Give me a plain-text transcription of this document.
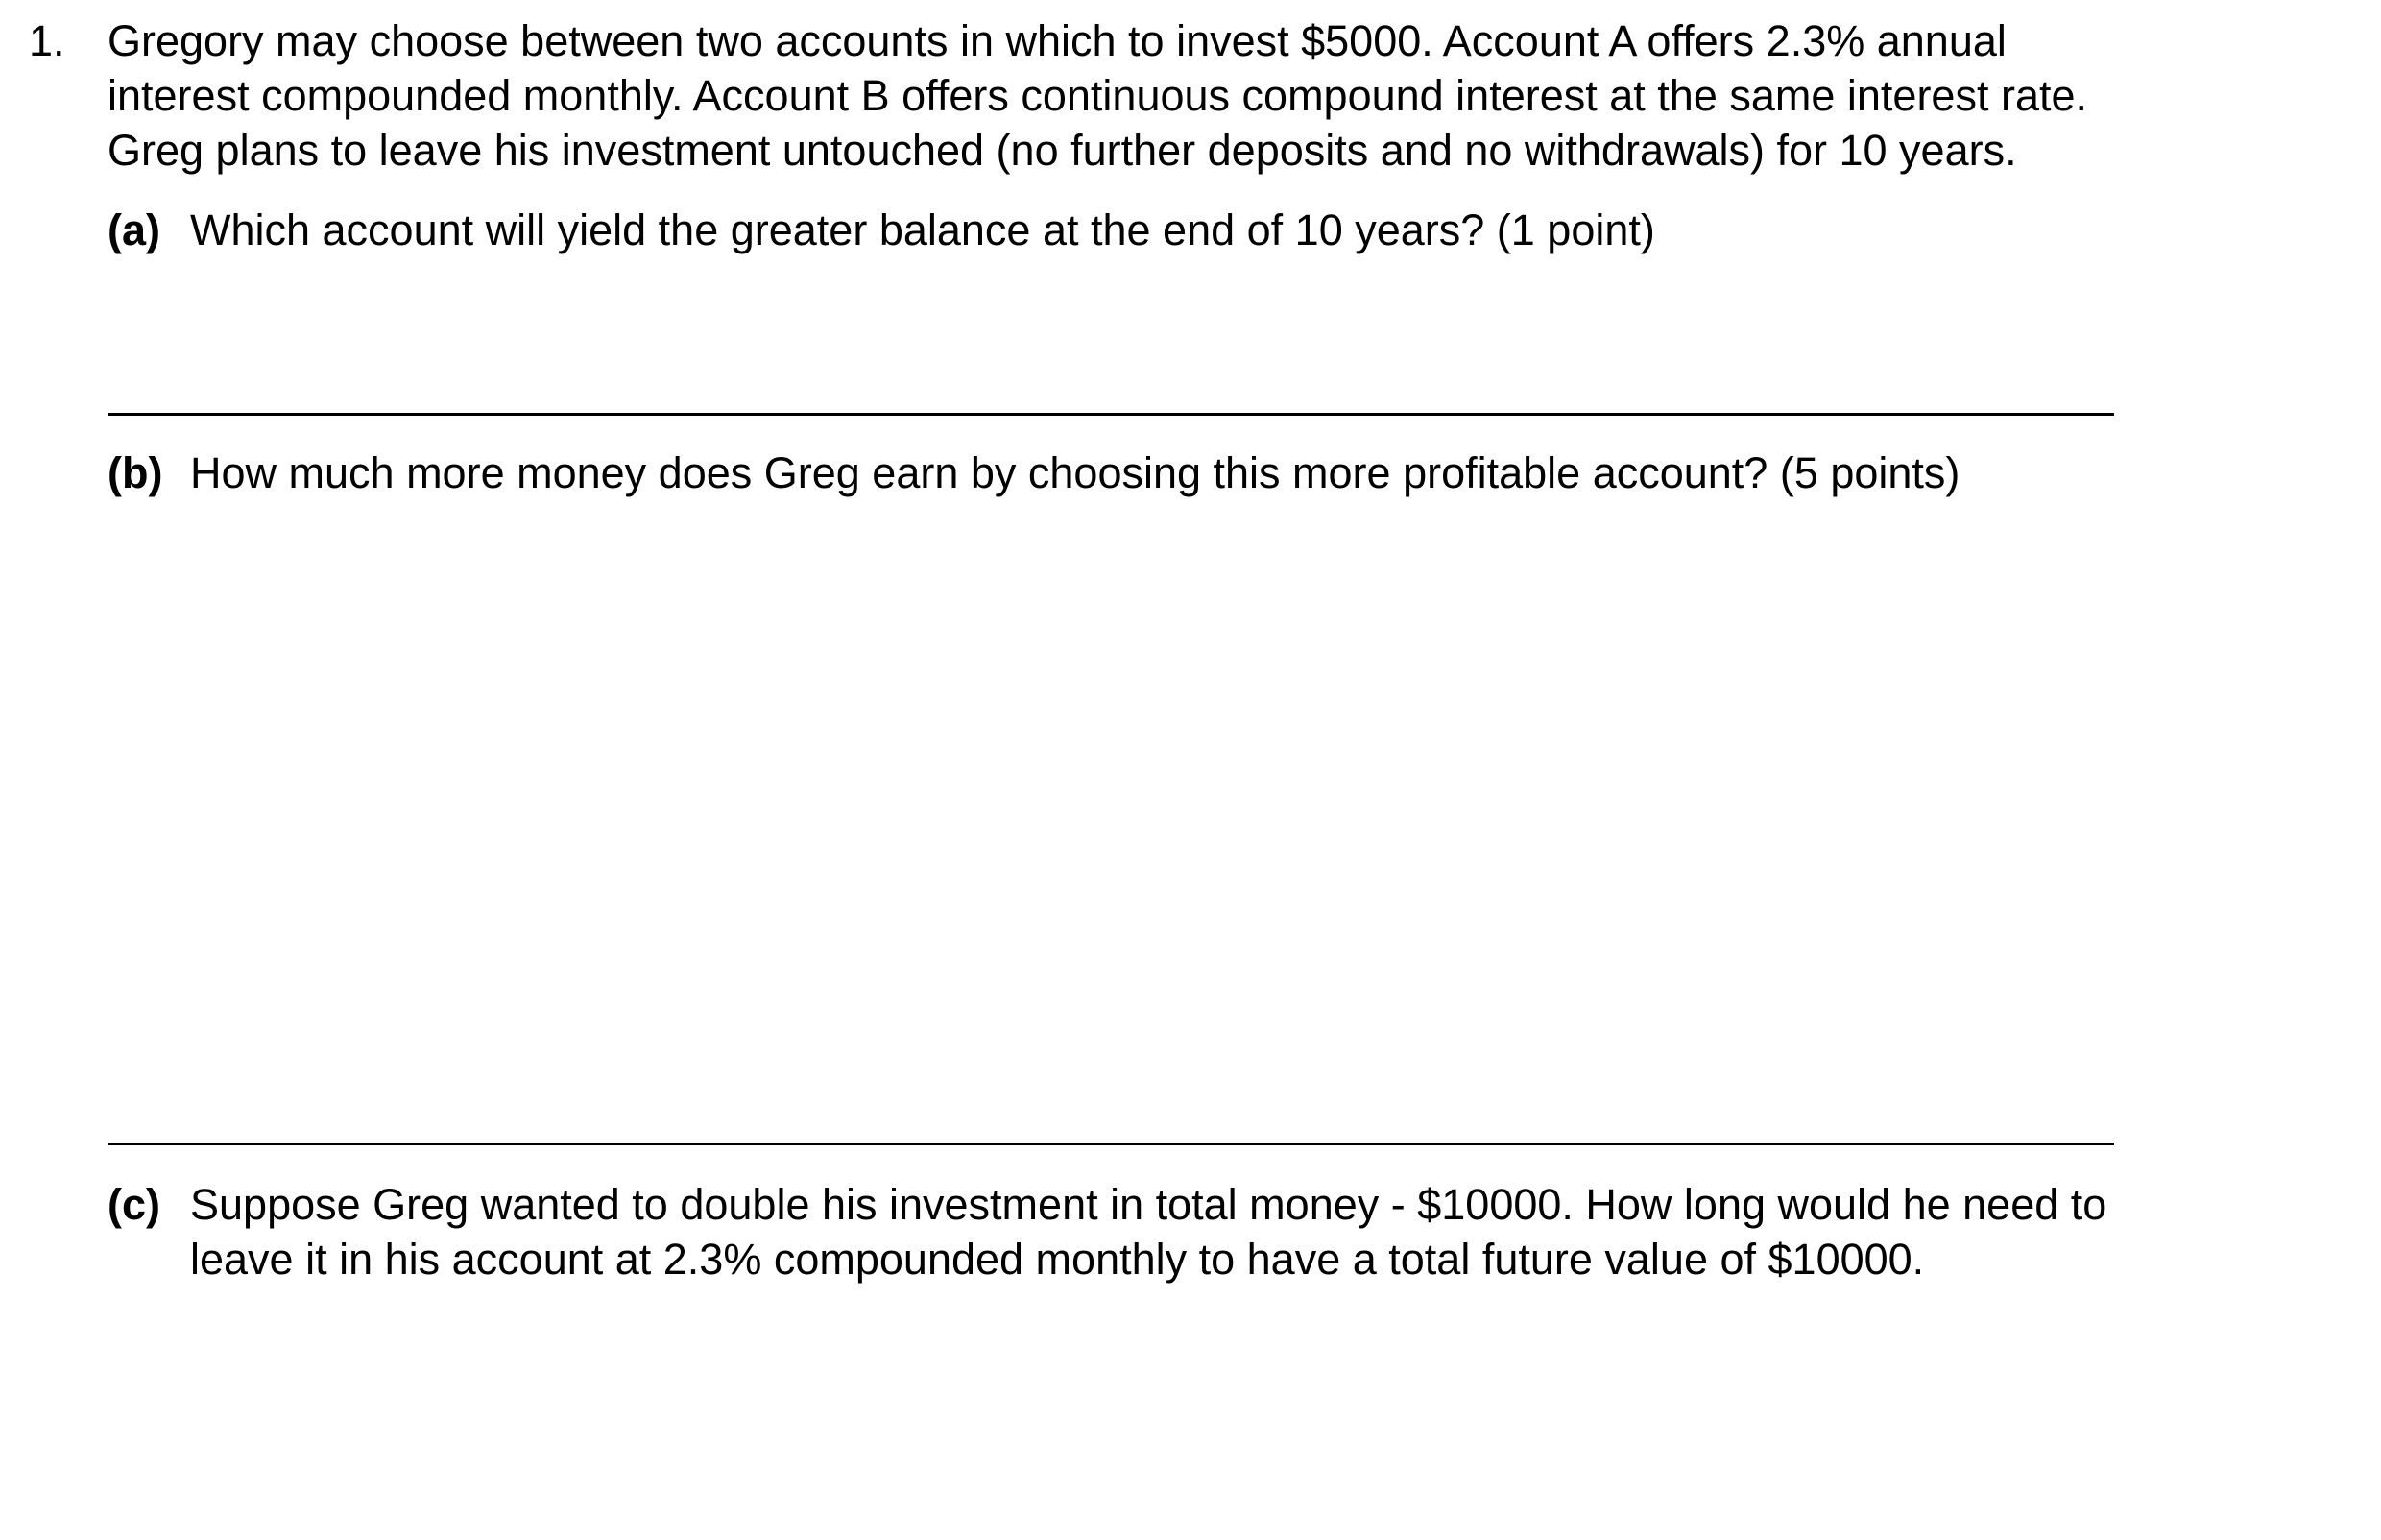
1. Gregory may choose between two accounts in which to invest $5000. Account A offers 2.3% annual
interest compounded monthly. Account B offers continuous compound interest at the same interest rate.
Greg plans to leave his investment untouched (no further deposits and no withdrawals) for 10 years.
(a) Which account will yield the greater balance at the end of 10 years? (1 point)
(b) How much more money does Greg earn by choosing this more profitable account? (5 points)
(c) Suppose Greg wanted to double his investment in total money - $10000. How long would he need to
leave it in his account at 2.3% compounded monthly to have a total future value of $10000.
